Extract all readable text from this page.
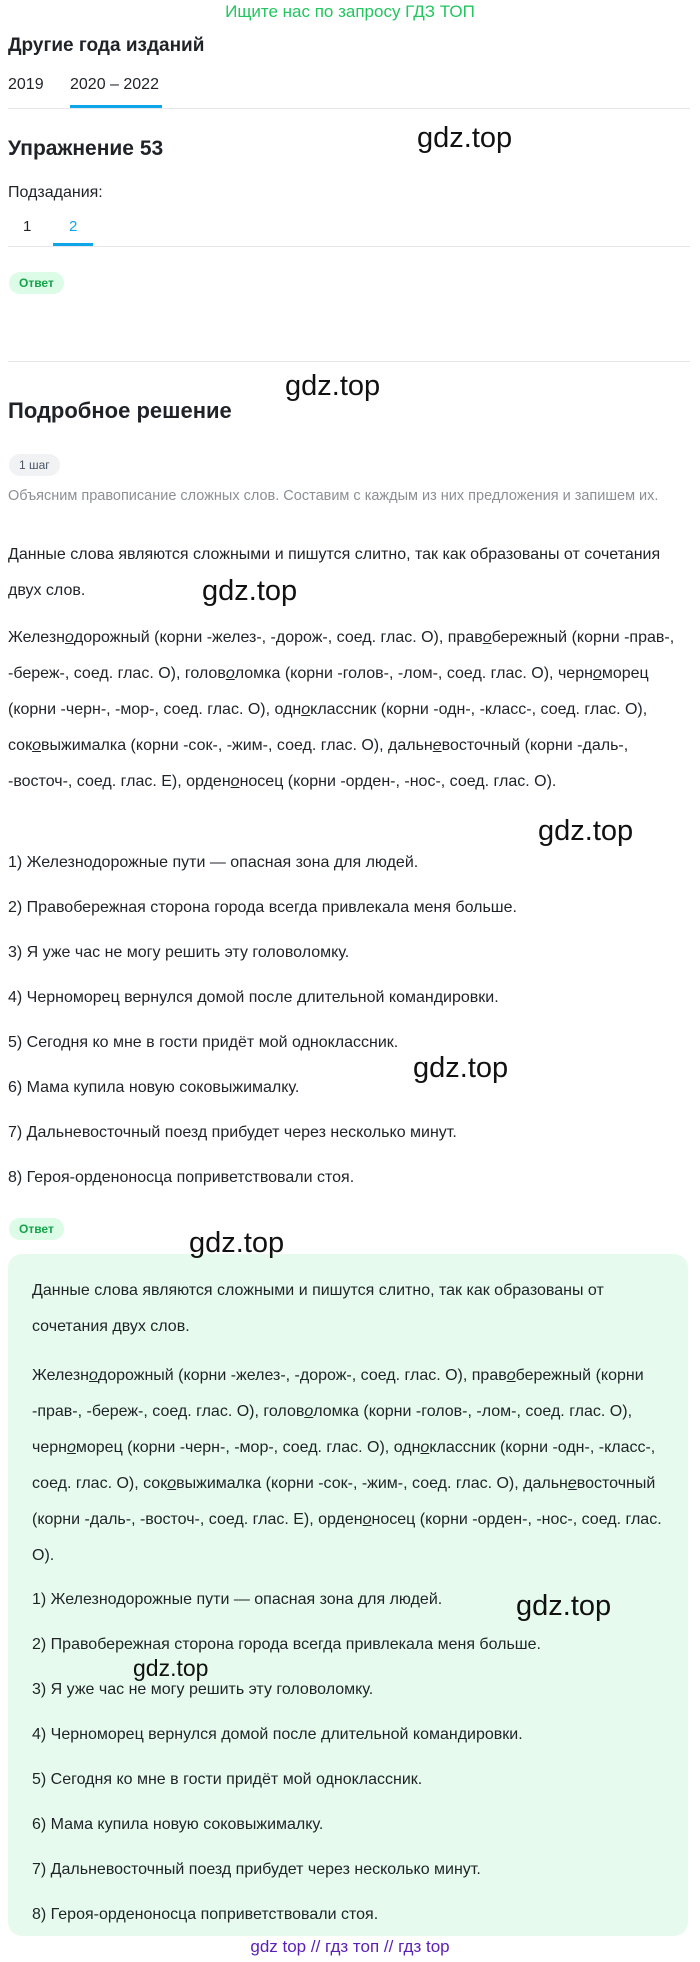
Ищите нас по запросу ГДЗ ТОП
Другие года изданий
2019 2020 – 2022
Упражнение 53	gdz.top
Подзадания:
1	2
Ответ
gdz.top
Подробное решение
1 шаг
Объясним правописание сложных слов. Составим с каждым из них предложения и запишем их.
Данные слова являются сложными и пишутся слитно, так как образованы от сочетания двух слов.	gdz.top

Железнодорожный (корни -желез-, -дорож-, соед. глас. О), правобережный (корни -прав-, -береж-, соед. глас. О), головоломка (корни -голов-, -лом-, соед. глас. О), черноморец (корни -черн-, -мор-, соед. глас. О), одноклассник (корни -одн-, -класс-, соед. глас. О), соковыжималка (корни -сок-, -жим-, соед. глас. О), дальневосточный (корни -даль-, -восточ-, соед. глас. Е), орденоносец (корни -орден-, -нос-, соед. глас. О).

gdz.top
1) Железнодорожные пути — опасная зона для людей.
2) Правобережная сторона города всегда привлекала меня больше.
3) Я уже час не могу решить эту головоломку.
4) Черноморец вернулся домой после длительной командировки.
5) Сегодня ко мне в гости придёт мой одноклассник.
gdz.top
6) Мама купила новую соковыжималку.
7) Дальневосточный поезд прибудет через несколько минут.
8) Героя-орденоносца поприветствовали стоя.
Ответ	gdz.top
Данные слова являются сложными и пишутся слитно, так как образованы от сочетания двух слов.

Железнодорожный (корни -желез-, -дорож-, соед. глас. О), правобережный (корни -прав-, -береж-, соед. глас. О), головоломка (корни -голов-, -лом-, соед. глас. О), черноморец (корни -черн-, -мор-, соед. глас. О), одноклассник (корни -одн-, -класс-, соед. глас. О), соковыжималка (корни -сок-, -жим-, соед. глас. О), дальневосточный (корни -даль-, -восточ-, соед. глас. Е), орденоносец (корни -орден-, -нос-, соед. глас. О).

1) Железнодорожные пути — опасная зона для людей.	gdz.top
2) Правобережная сторона города всегда привлекала меня больше.
gdz.top
3) Я уже час не могу решить эту головоломку.
4) Черноморец вернулся домой после длительной командировки.
5) Сегодня ко мне в гости придёт мой одноклассник.
6) Мама купила новую соковыжималку.
7) Дальневосточный поезд прибудет через несколько минут.
8) Героя-орденоносца поприветствовали стоя.
gdz top // гдз топ // гдз top
